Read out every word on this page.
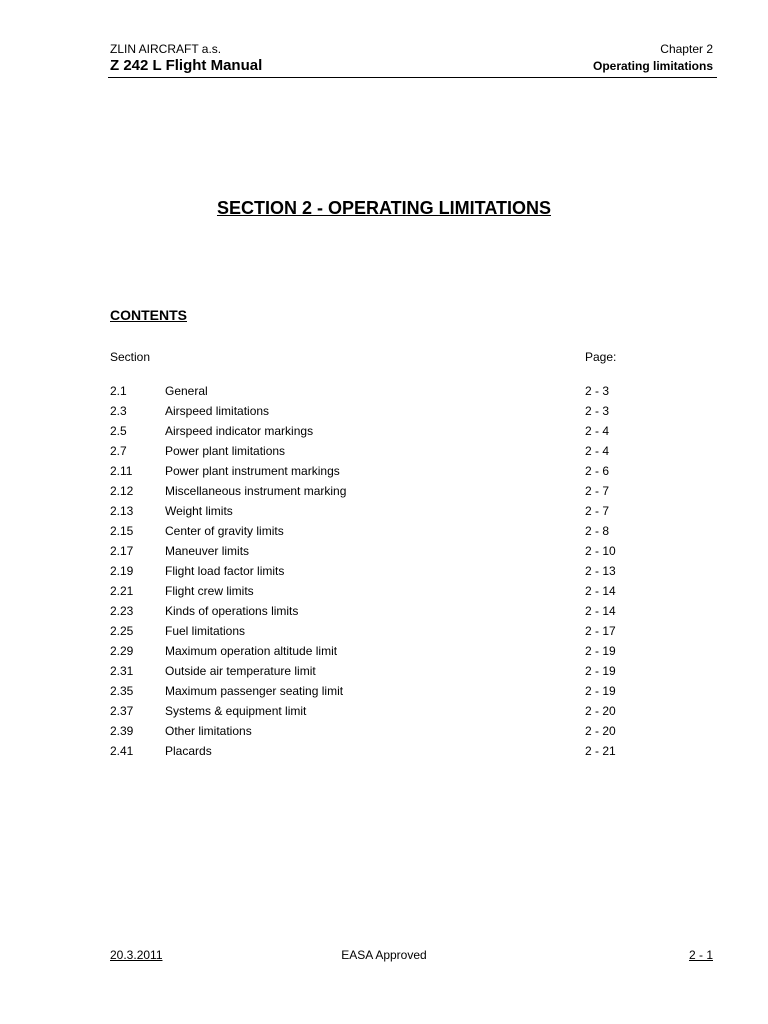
ZLIN AIRCRAFT a.s.
Z 242 L Flight Manual
Chapter 2
Operating limitations
SECTION 2 - OPERATING LIMITATIONS
CONTENTS
Section	Page:
2.1	General	2 - 3
2.3	Airspeed limitations	2 - 3
2.5	Airspeed indicator markings	2 - 4
2.7	Power plant limitations	2 - 4
2.11	Power plant instrument markings	2 - 6
2.12	Miscellaneous instrument marking	2 - 7
2.13	Weight limits	2 - 7
2.15	Center of gravity limits	2 - 8
2.17	Maneuver limits	2 - 10
2.19	Flight load factor limits	2 - 13
2.21	Flight crew limits	2 - 14
2.23	Kinds of operations limits	2 - 14
2.25	Fuel limitations	2 - 17
2.29	Maximum operation altitude limit	2 - 19
2.31	Outside air temperature limit	2 - 19
2.35	Maximum passenger seating limit	2 - 19
2.37	Systems & equipment limit	2 - 20
2.39	Other limitations	2 - 20
2.41	Placards	2 - 21
20.3.2011	EASA Approved	2 - 1
